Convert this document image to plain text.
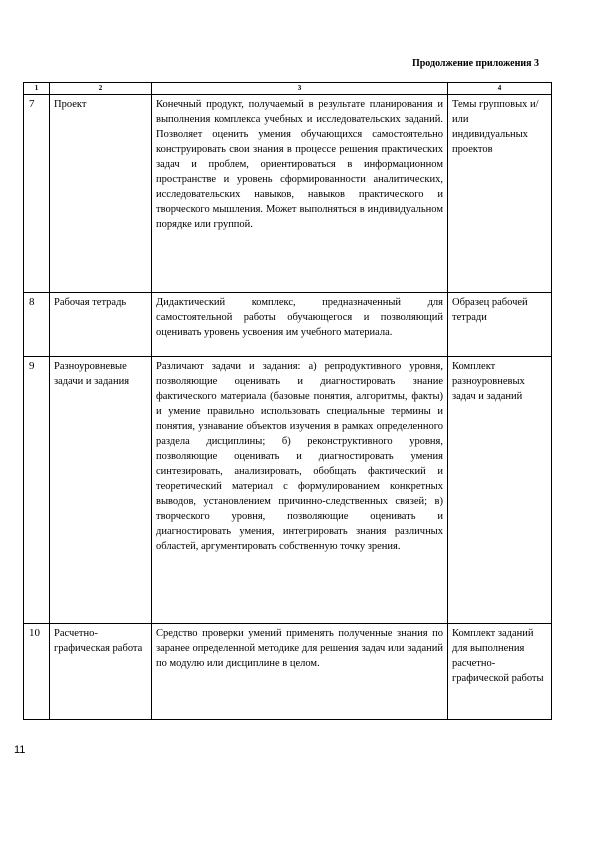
Продолжение приложения 3
1	2	3	4
7	Проект	Конечный продукт, получаемый в результате планирования и выполнения комплекса учебных и исследовательских заданий. Позволяет оценить умения обучающихся самостоятельно конструировать свои знания в процессе решения практических задач и проблем, ориентироваться в информационном пространстве и уровень сформированности аналитических, исследовательских навыков, навыков практического и творческого мышления. Может выполняться в индивидуальном порядке или группой.	Темы групповых и/или индивидуальных проектов
8	Рабочая тетрадь	Дидактический комплекс, предназначенный для самостоятельной работы обучающегося и позволяющий оценивать уровень усвоения им учебного материала.	Образец рабочей тетради
9	Разноуровневые задачи и задания	Различают задачи и задания: а) репродуктивного уровня, позволяющие оценивать и диагностировать знание фактического материала (базовые понятия, алгоритмы, факты) и умение правильно использовать специальные термины и понятия, узнавание объектов изучения в рамках определенного раздела дисциплины; б) реконструктивного уровня, позволяющие оценивать и диагностировать умения синтезировать, анализировать, обобщать фактический и теоретический материал с формулированием конкретных выводов, установлением причинно-следственных связей; в) творческого уровня, позволяющие оценивать и диагностировать умения, интегрировать знания различных областей, аргументировать собственную точку зрения.	Комплект разноуровневых задач и заданий
10	Расчетно-графическая работа	Средство проверки умений применять полученные знания по заранее определенной методике для решения задач или заданий по модулю или дисциплине в целом.	Комплект заданий для выполнения расчетно-графической работы
11
